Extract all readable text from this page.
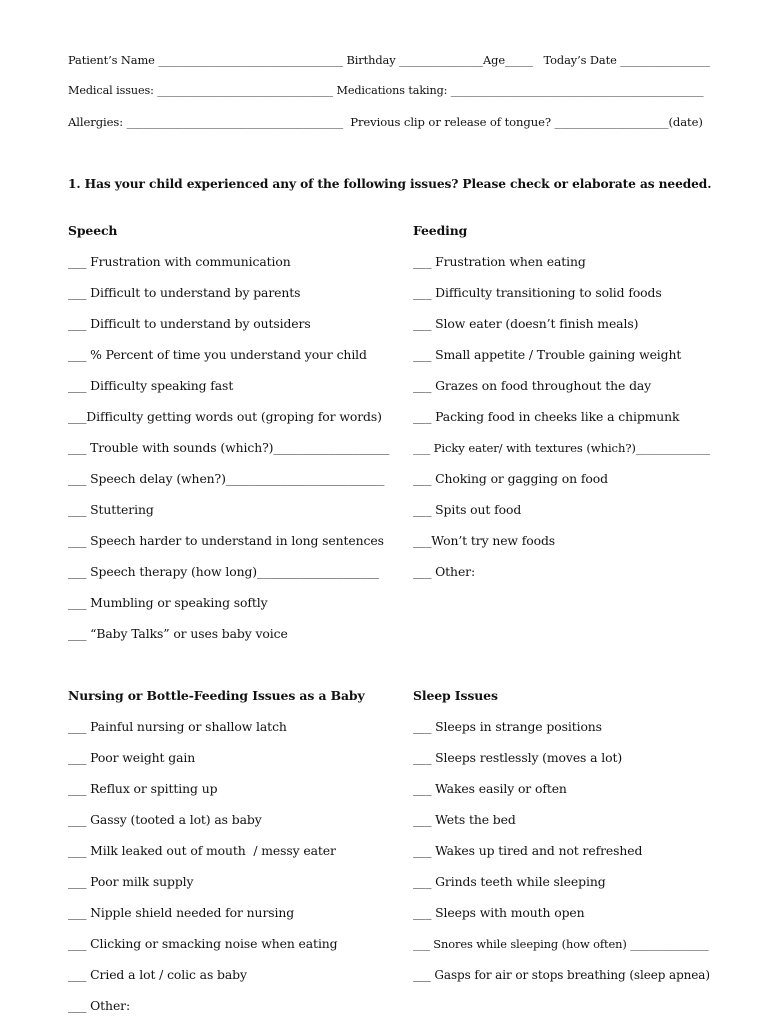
Patient’s Name _________________________________ Birthday _______________Age_____   Today’s Date ________________
Medical issues: ________________________________ Medications taking: ______________________________________________
Allergies: ______________________________________  Previous clip or release of tongue? ____________________(date)
1. Has your child experienced any of the following issues? Please check or elaborate as needed.
Speech
___ Frustration with communication
___ Difficult to understand by parents
___ Difficult to understand by outsiders
___ % Percent of time you understand your child
___ Difficulty speaking fast
___Difficulty getting words out (groping for words)
___ Trouble with sounds (which?)___________________
___ Speech delay (when?)__________________________
___ Stuttering
___ Speech harder to understand in long sentences
___ Speech therapy (how long)____________________
___ Mumbling or speaking softly
___ “Baby Talks” or uses baby voice
Feeding
___ Frustration when eating
___ Difficulty transitioning to solid foods
___ Slow eater (doesn’t finish meals)
___ Small appetite / Trouble gaining weight
___ Grazes on food throughout the day
___ Packing food in cheeks like a chipmunk
___ Picky eater/ with textures (which?)_____________
___ Choking or gagging on food
___ Spits out food
___Won’t try new foods
___ Other:
Nursing or Bottle-Feeding Issues as a Baby
___ Painful nursing or shallow latch
___ Poor weight gain
___ Reflux or spitting up
___ Gassy (tooted a lot) as baby
___ Milk leaked out of mouth  / messy eater
___ Poor milk supply
___ Nipple shield needed for nursing
___ Clicking or smacking noise when eating
___ Cried a lot / colic as baby
___ Other:
Sleep Issues
___ Sleeps in strange positions
___ Sleeps restlessly (moves a lot)
___ Wakes easily or often
___ Wets the bed
___ Wakes up tired and not refreshed
___ Grinds teeth while sleeping
___ Sleeps with mouth open
___ Snores while sleeping (how often) ______________
___ Gasps for air or stops breathing (sleep apnea)
